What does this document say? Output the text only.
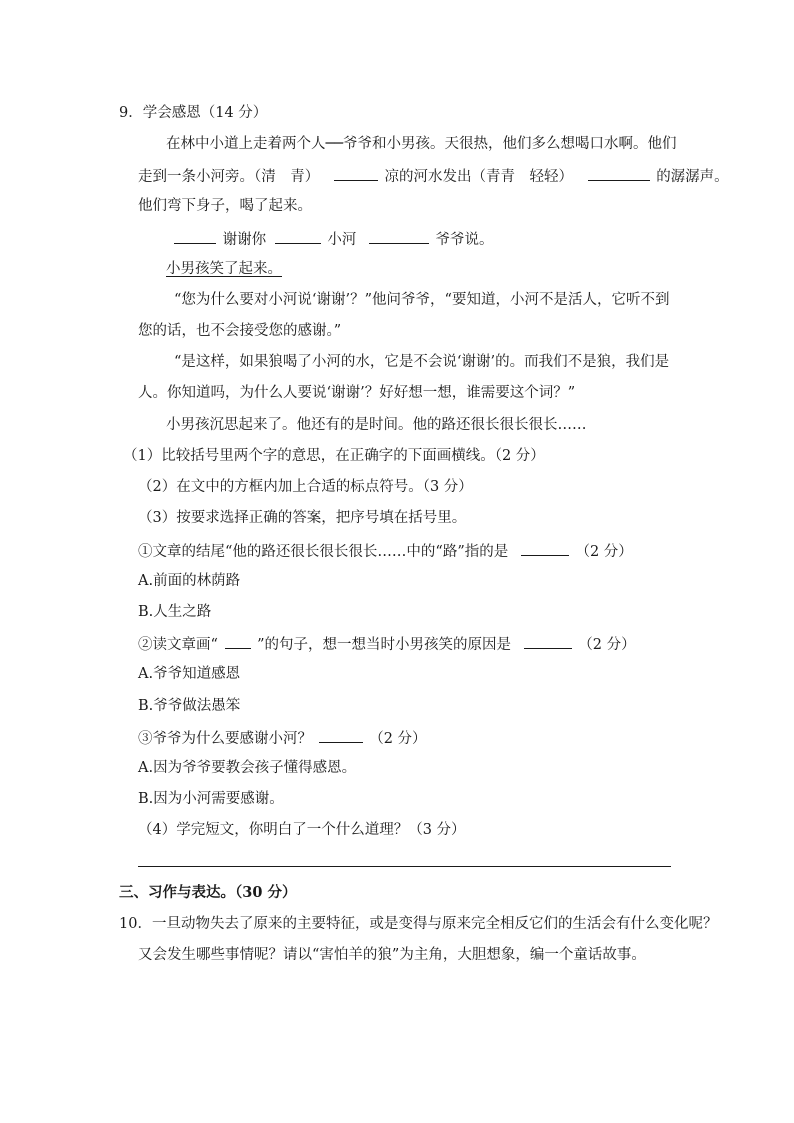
9．学会感恩（14 分）
在林中小道上走着两个人──爷爷和小男孩。天很热，他们多么想喝口水啊。他们
走到一条小河旁。（清　青）	凉的河水发出（青青　轻轻）	的潺潺声。
他们弯下身子，喝了起来。
谢谢你	小河	爷爷说。
小男孩笑了起来。
“您为什么要对小河说‘谢谢’？”他问爷爷，“要知道，小河不是活人，它听不到
您的话，也不会接受您的感谢。”
“是这样，如果狼喝了小河的水，它是不会说‘谢谢’的。而我们不是狼，我们是
人。你知道吗，为什么人要说‘谢谢’？好好想一想，谁需要这个词？”
小男孩沉思起来了。他还有的是时间。他的路还很长很长很长……
（1）比较括号里两个字的意思，在正确字的下面画横线。（2 分）
（2）在文中的方框内加上合适的标点符号。（3 分）
（3）按要求选择正确的答案，把序号填在括号里。
①文章的结尾“他的路还很长很长很长……中的“路”指的是	（2 分）
A.前面的林荫路
B.人生之路
②读文章画“	”的句子，想一想当时小男孩笑的原因是	（2 分）
A.爷爷知道感恩
B.爷爷做法愚笨
③爷爷为什么要感谢小河？	（2 分）
A.因为爷爷要教会孩子懂得感恩。
B.因为小河需要感谢。
（4）学完短文，你明白了一个什么道理？（3 分）
三、习作与表达。（30 分）
10．一旦动物失去了原来的主要特征，或是变得与原来完全相反它们的生活会有什么变化呢？
又会发生哪些事情呢？请以“害怕羊的狼”为主角，大胆想象，编一个童话故事。
